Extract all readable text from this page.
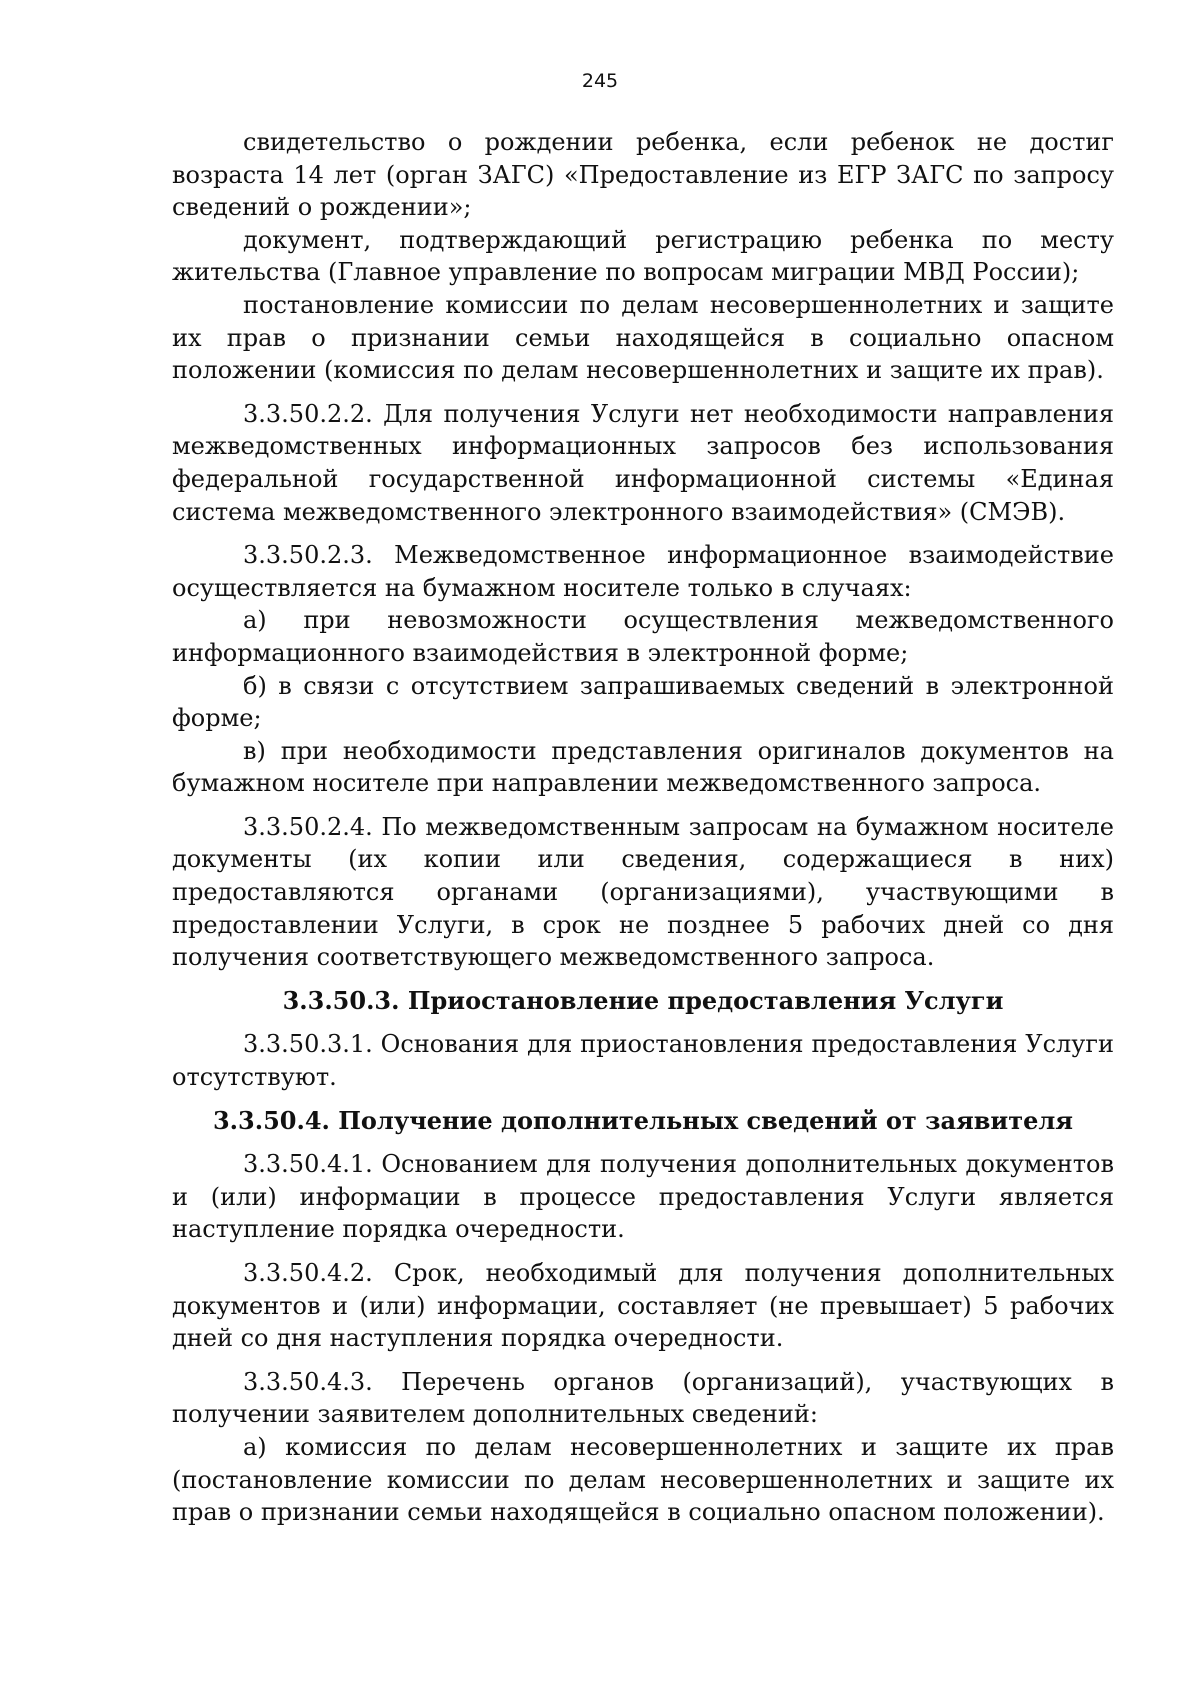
245

свидетельство о рождении ребенка, если ребенок не достиг возраста 14 лет (орган ЗАГС) «Предоставление из ЕГР ЗАГС по запросу сведений о рождении»;

документ, подтверждающий регистрацию ребенка по месту жительства (Главное управление по вопросам миграции МВД России);

постановление комиссии по делам несовершеннолетних и защите их прав о признании семьи находящейся в социально опасном положении (комиссия по делам несовершеннолетних и защите их прав).

3.3.50.2.2. Для получения Услуги нет необходимости направления межведомственных информационных запросов без использования федеральной государственной информационной системы «Единая система межведомственного электронного взаимодействия» (СМЭВ).

3.3.50.2.3. Межведомственное информационное взаимодействие осуществляется на бумажном носителе только в случаях:

а) при невозможности осуществления межведомственного информационного взаимодействия в электронной форме;

б) в связи с отсутствием запрашиваемых сведений в электронной форме;

в) при необходимости представления оригиналов документов на бумажном носителе при направлении межведомственного запроса.

3.3.50.2.4. По межведомственным запросам на бумажном носителе документы (их копии или сведения, содержащиеся в них) предоставляются органами (организациями), участвующими в предоставлении Услуги, в срок не позднее 5 рабочих дней со дня получения соответствующего межведомственного запроса.

3.3.50.3. Приостановление предоставления Услуги

3.3.50.3.1. Основания для приостановления предоставления Услуги отсутствуют.

3.3.50.4. Получение дополнительных сведений от заявителя

3.3.50.4.1. Основанием для получения дополнительных документов и (или) информации в процессе предоставления Услуги является наступление порядка очередности.

3.3.50.4.2. Срок, необходимый для получения дополнительных документов и (или) информации, составляет (не превышает) 5 рабочих дней со дня наступления порядка очередности.

3.3.50.4.3. Перечень органов (организаций), участвующих в получении заявителем дополнительных сведений:

а) комиссия по делам несовершеннолетних и защите их прав (постановление комиссии по делам несовершеннолетних и защите их прав о признании семьи находящейся в социально опасном положении).
